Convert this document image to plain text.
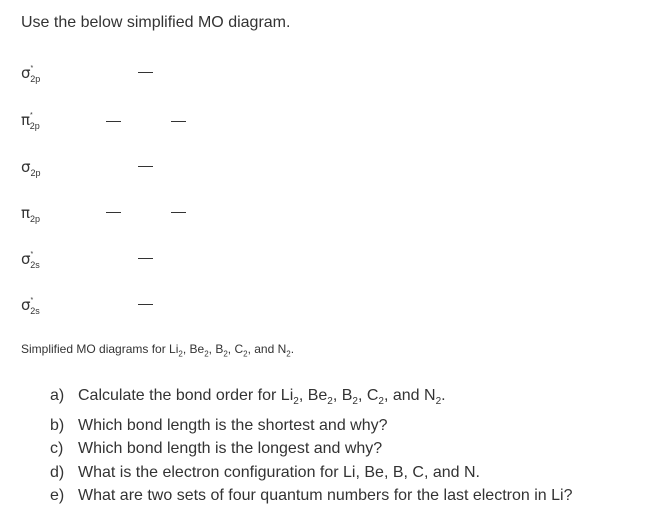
Use the below simplified MO diagram.
$\sigma^*_{2p}$
$\pi^*_{2p}$
$\sigma_{2p}$
$\pi_{2p}$
$\sigma^*_{2s}$
$\sigma^*_{2s}$
Simplified MO diagrams for $Li_2$, $Be_2$, $B_2$, $C_2$, and $N_2$.
a) Calculate the bond order for $Li_2$, $Be_2$, $B_2$, $C_2$, and $N_2$.
b) Which bond length is the shortest and why?
c) Which bond length is the longest and why?
d) What is the electron configuration for Li, Be, B, C, and N.
e) What are two sets of four quantum numbers for the last electron in Li?
